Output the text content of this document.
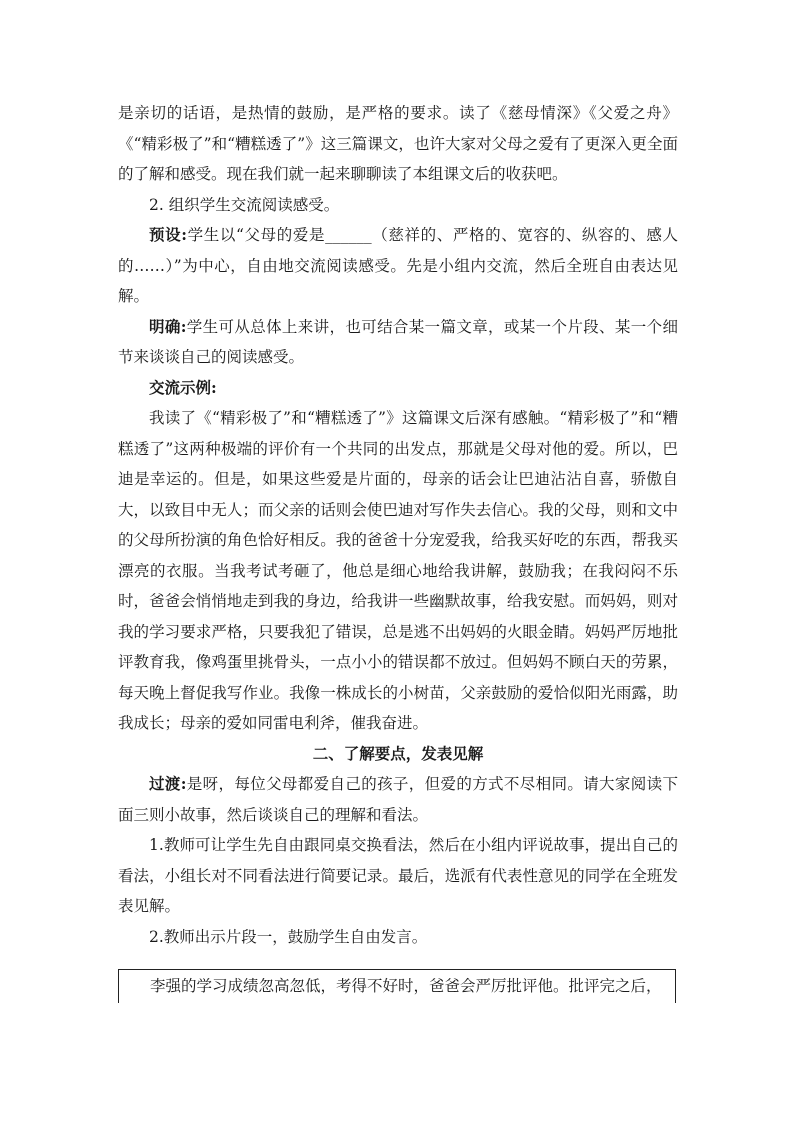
是亲切的话语，是热情的鼓励，是严格的要求。读了《慈母情深》《父爱之舟》《“精彩极了”和“糟糕透了”》这三篇课文，也许大家对父母之爱有了更深入更全面的了解和感受。现在我们就一起来聊聊读了本组课文后的收获吧。

2. 组织学生交流阅读感受。

预设:学生以“父母的爱是______（慈祥的、严格的、宽容的、纵容的、感人的……）”为中心，自由地交流阅读感受。先是小组内交流，然后全班自由表达见解。

明确:学生可从总体上来讲，也可结合某一篇文章，或某一个片段、某一个细节来谈谈自己的阅读感受。

交流示例:

我读了《“精彩极了”和“糟糕透了”》这篇课文后深有感触。“精彩极了”和“糟糕透了”这两种极端的评价有一个共同的出发点，那就是父母对他的爱。所以，巴迪是幸运的。但是，如果这些爱是片面的，母亲的话会让巴迪沾沾自喜，骄傲自大，以致目中无人；而父亲的话则会使巴迪对写作失去信心。我的父母，则和文中的父母所扮演的角色恰好相反。我的爸爸十分宠爱我，给我买好吃的东西，帮我买漂亮的衣服。当我考试考砸了，他总是细心地给我讲解，鼓励我；在我闷闷不乐时，爸爸会悄悄地走到我的身边，给我讲一些幽默故事，给我安慰。而妈妈，则对我的学习要求严格，只要我犯了错误，总是逃不出妈妈的火眼金睛。妈妈严厉地批评教育我，像鸡蛋里挑骨头，一点小小的错误都不放过。但妈妈不顾白天的劳累，每天晚上督促我写作业。我像一株成长的小树苗，父亲鼓励的爱恰似阳光雨露，助我成长；母亲的爱如同雷电利斧，催我奋进。

二、了解要点，发表见解

过渡:是呀，每位父母都爱自己的孩子，但爱的方式不尽相同。请大家阅读下面三则小故事，然后谈谈自己的理解和看法。

1.教师可让学生先自由跟同桌交换看法，然后在小组内评说故事，提出自己的看法，小组长对不同看法进行简要记录。最后，选派有代表性意见的同学在全班发表见解。

2.教师出示片段一，鼓励学生自由发言。

李强的学习成绩忽高忽低，考得不好时，爸爸会严厉批评他。批评完之后，
